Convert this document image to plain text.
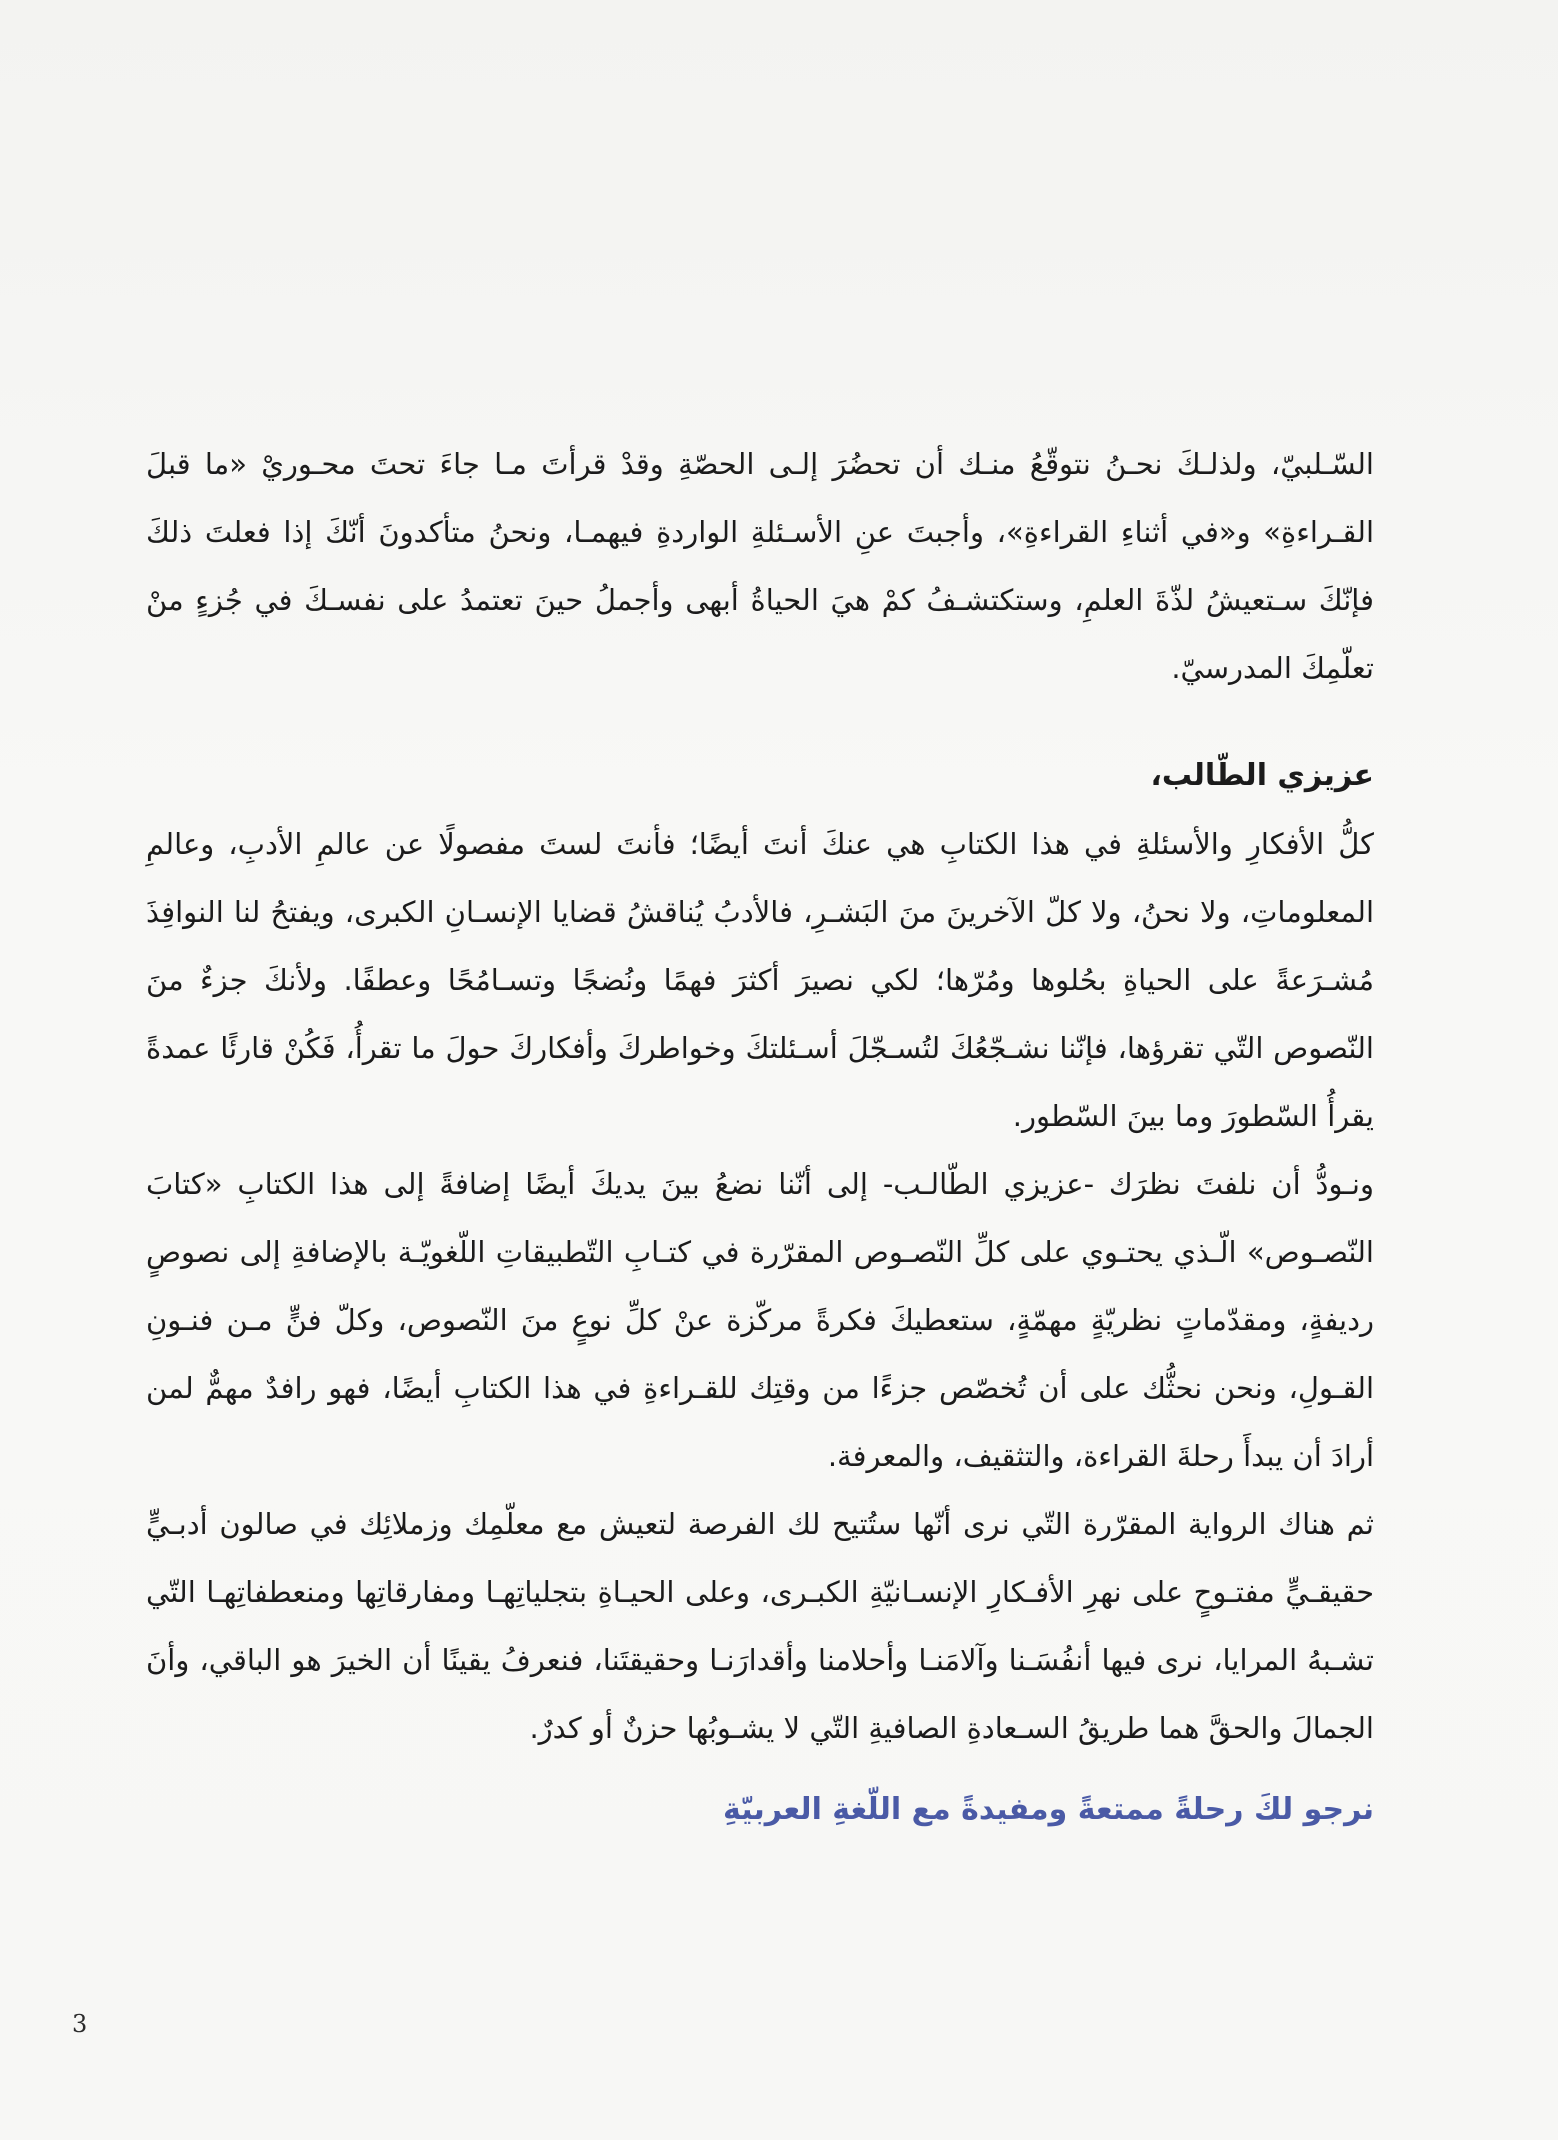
السّـلبيّ، ولذلـكَ نحـنُ نتوقّعُ منـك أن تحضُرَ إلـى الحصّةِ وقدْ قرأتَ مـا جاءَ تحتَ محـوريْ «ما قبلَ القـراءةِ» و«في أثناءِ القراءةِ»، وأجبتَ عنِ الأسـئلةِ الواردةِ فيهمـا، ونحنُ متأكدونَ أنّكَ إذا فعلتَ ذلكَ فإنّكَ سـتعيشُ لذّةَ العلمِ، وستكتشـفُ كمْ هيَ الحياةُ أبهى وأجملُ حينَ تعتمدُ على نفسـكَ في جُزءٍ منْ تعلّمِكَ المدرسيّ.

عزيزي الطّالب،

كلُّ الأفكارِ والأسئلةِ في هذا الكتابِ هي عنكَ أنتَ أيضًا؛ فأنتَ لستَ مفصولًا عن عالمِ الأدبِ، وعالمِ المعلوماتِ، ولا نحنُ، ولا كلّ الآخرينَ منَ البَشـرِ، فالأدبُ يُناقشُ قضايا الإنسـانِ الكبرى، ويفتحُ لنا النوافِذَ مُشـرَعةً على الحياةِ بحُلوها ومُرّها؛ لكي نصيرَ أكثرَ فهمًا ونُضجًا وتسـامُحًا وعطفًا. ولأنكَ جزءٌ منَ النّصوص التّي تقرؤها، فإنّنا نشـجّعُكَ لتُسـجّلَ أسـئلتكَ وخواطركَ وأفكاركَ حولَ ما تقرأُ، فَكُنْ قارئًا عمدةً يقرأُ السّطورَ وما بينَ السّطور.

ونـودُّ أن نلفتَ نظرَك -عزيزي الطّالـب- إلى أنّنا نضعُ بينَ يديكَ أيضًا إضافةً إلى هذا الكتابِ «كتابَ النّصـوص» الّـذي يحتـوي على كلِّ النّصـوص المقرّرة في كتـابِ التّطبيقاتِ اللّغويّـة بالإضافةِ إلى نصوصٍ رديفةٍ، ومقدّماتٍ نظريّةٍ مهمّةٍ، ستعطيكَ فكرةً مركّزة عنْ كلِّ نوعٍ منَ النّصوص، وكلّ فنٍّ مـن فنـونِ القـولِ، ونحن نحثُّك على أن تُخصّص جزءًا من وقتِك للقـراءةِ في هذا الكتابِ أيضًا، فهو رافدٌ مهمٌّ لمن أرادَ أن يبدأَ رحلةَ القراءة، والتثقيف، والمعرفة.

ثم هناك الرواية المقرّرة التّي نرى أنّها ستُتيح لك الفرصة لتعيش مع معلّمِك وزملائِك في صالون أدبـيٍّ حقيقـيٍّ مفتـوحٍ على نهرِ الأفـكارِ الإنسـانيّةِ الكبـرى، وعلى الحيـاةِ بتجلياتِهـا ومفارقاتِها ومنعطفاتِهـا التّي تشـبهُ المرايا، نرى فيها أنفُسَـنا وآلامَنـا وأحلامنا وأقدارَنـا وحقيقتَنا، فنعرفُ يقينًا أن الخيرَ هو الباقي، وأنَ الجمالَ والحقَّ هما طريقُ السـعادةِ الصافيةِ التّي لا يشـوبُها حزنٌ أو كدرٌ.

نرجو لكَ رحلةً ممتعةً ومفيدةً مع اللّغةِ العربيّةِ

3
